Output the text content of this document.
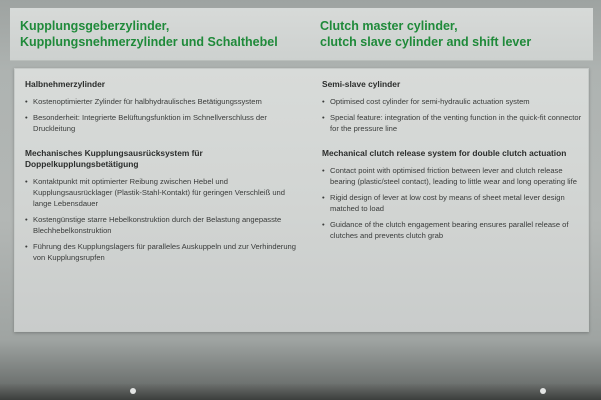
Kupplungsgeberzylinder,
Kupplungsnehmerzylinder und Schalthebel
Clutch master cylinder,
clutch slave cylinder and shift lever
Halbnehmerzylinder
• Kostenoptimierter Zylinder für halbhydraulisches Betätigungssystem
• Besonderheit: Integrierte Belüftungsfunktion im Schnellverschluss der Druckleitung
Mechanisches Kupplungsausrücksystem für Doppelkupplungsbetätigung
• Kontaktpunkt mit optimierter Reibung zwischen Hebel und Kupplungsausrücklager (Plastik-Stahl-Kontakt) für geringen Verschleiß und lange Lebensdauer
• Kostengünstige starre Hebelkonstruktion durch der Belastung angepasste Blechhebelkonstruktion
• Führung des Kupplungslagers für paralleles Auskuppeln und zur Verhinderung von Kupplungsrupfen
Semi-slave cylinder
• Optimised cost cylinder for semi-hydraulic actuation system
• Special feature: integration of the venting function in the quick-fit connector for the pressure line
Mechanical clutch release system for double clutch actuation
• Contact point with optimised friction between lever and clutch release bearing (plastic/steel contact), leading to little wear and long operating life
• Rigid design of lever at low cost by means of sheet metal lever design matched to load
• Guidance of the clutch engagement bearing ensures parallel release of clutches and prevents clutch grab
